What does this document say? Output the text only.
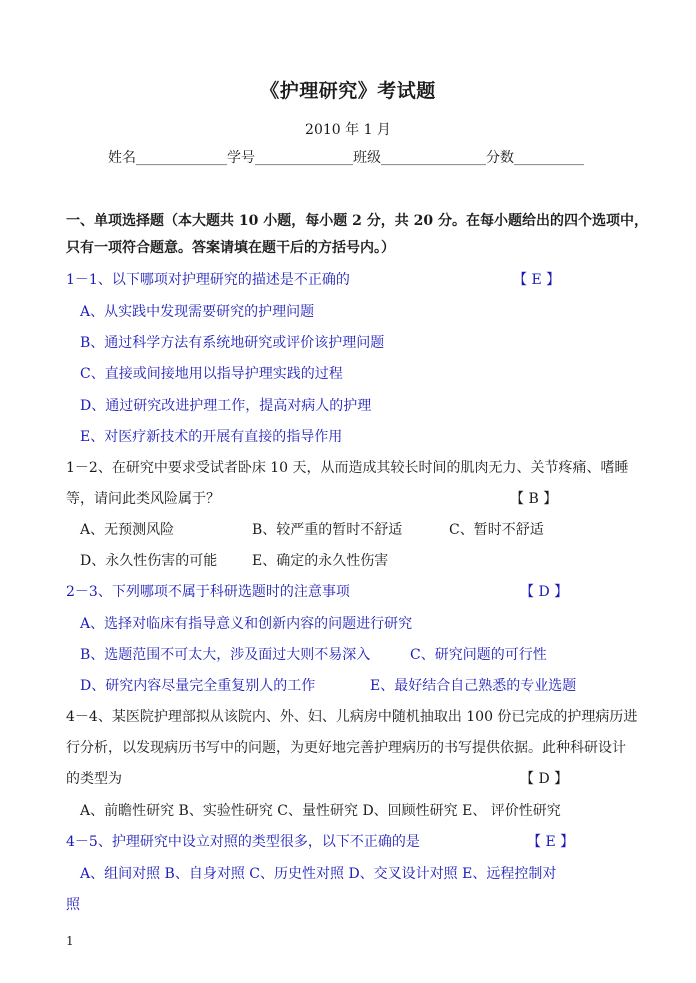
《护理研究》考试题
2010 年 1 月
姓名_____________学号______________班级_______________分数__________
一、单项选择题（本大题共 10 小题，每小题 2 分，共 20 分。在每小题给出的四个选项中，
只有一项符合题意。答案请填在题干后的方括号内。）
1－1、以下哪项对护理研究的描述是不正确的	【 E 】
A、从实践中发现需要研究的护理问题
B、通过科学方法有系统地研究或评价该护理问题
C、直接或间接地用以指导护理实践的过程
D、通过研究改进护理工作，提高对病人的护理
E、对医疗新技术的开展有直接的指导作用
1－2、在研究中要求受试者卧床 10 天，从而造成其较长时间的肌肉无力、关节疼痛、嗜睡
等，请问此类风险属于？	【 B 】
A、无预测风险	B、较严重的暂时不舒适	C、暂时不舒适
D、永久性伤害的可能 E、确定的永久性伤害
2－3、下列哪项不属于科研选题时的注意事项	【 D 】
A、选择对临床有指导意义和创新内容的问题进行研究
B、选题范围不可太大，涉及面过大则不易深入	C、研究问题的可行性
D、研究内容尽量完全重复别人的工作	E、最好结合自己熟悉的专业选题
4－4、某医院护理部拟从该院内、外、妇、儿病房中随机抽取出 100 份已完成的护理病历进
行分析，以发现病历书写中的问题，为更好地完善护理病历的书写提供依据。此种科研设计
的类型为	【 D 】
A、前瞻性研究 B、实验性研究 C、量性研究 D、回顾性研究 E、 评价性研究
4－5、护理研究中设立对照的类型很多，以下不正确的是	【 E 】
A、组间对照 B、自身对照 C、历史性对照 D、交叉设计对照 E、远程控制对
照
1
